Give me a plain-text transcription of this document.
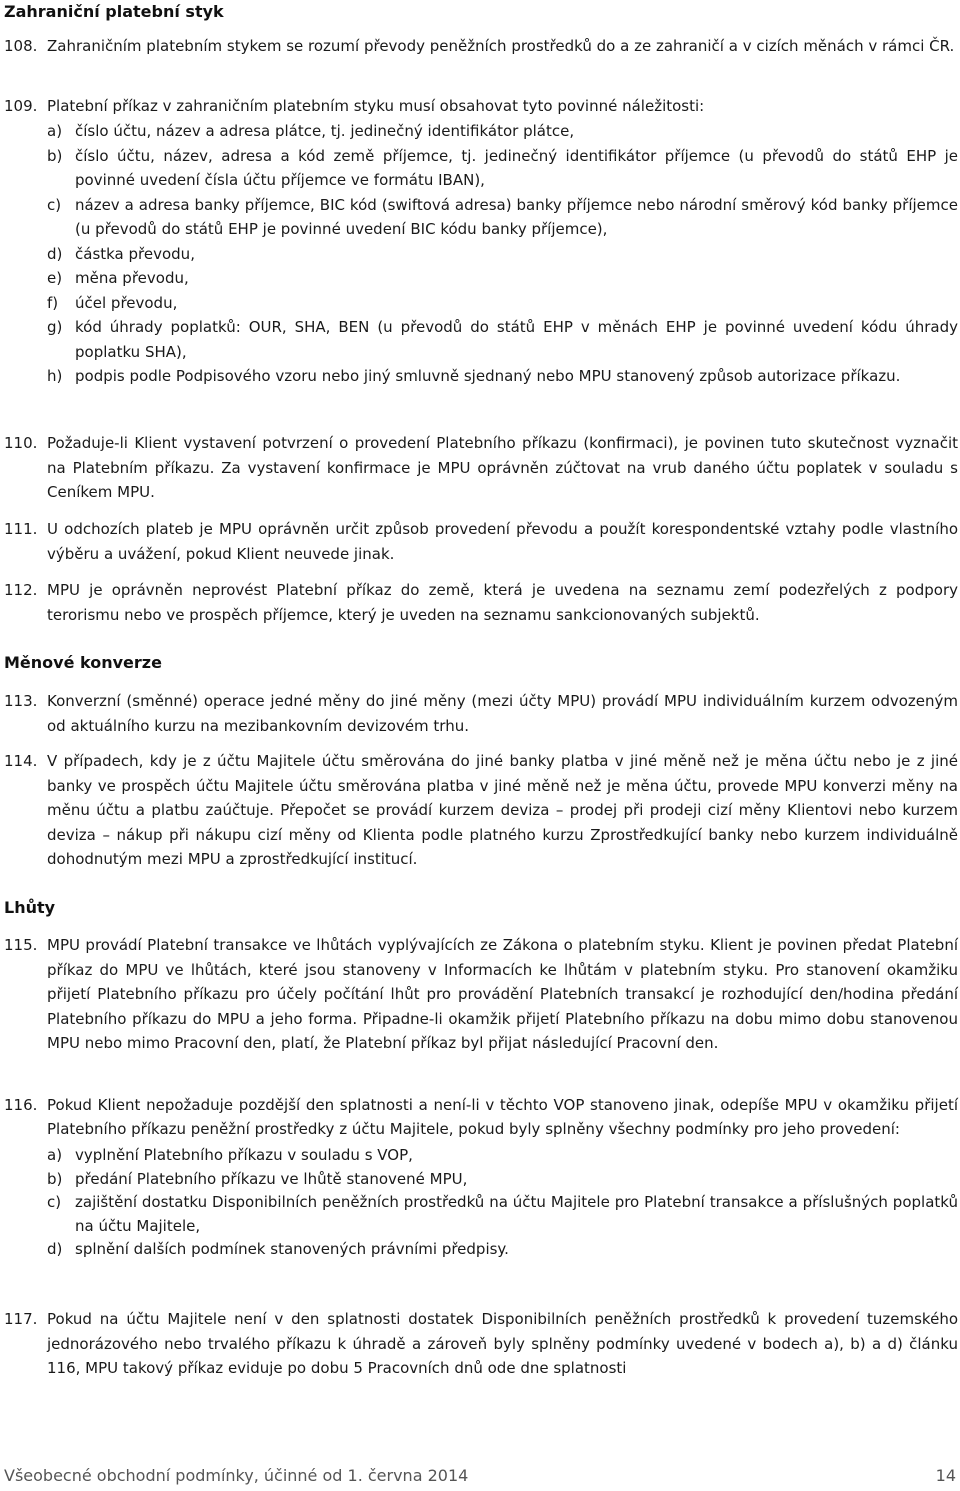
Zahraniční platební styk
108. Zahraničním platebním stykem se rozumí převody peněžních prostředků do a ze zahraničí a v cizích měnách v rámci ČR.

109. Platební příkaz v zahraničním platebním styku musí obsahovat tyto povinné náležitosti:

a) číslo účtu, název a adresa plátce, tj. jedinečný identifikátor plátce,

b) číslo účtu, název, adresa a kód země příjemce, tj. jedinečný identifikátor příjemce (u převodů do států EHP je povinné uvedení čísla účtu příjemce ve formátu IBAN),

c) název a adresa banky příjemce, BIC kód (swiftová adresa) banky příjemce nebo národní směrový kód banky příjemce (u převodů do států EHP je povinné uvedení BIC kódu banky příjemce),

d) částka převodu,

e) měna převodu,

f) účel převodu,

g) kód úhrady poplatků: OUR, SHA, BEN (u převodů do států EHP v měnách EHP je povinné uvedení kódu úhrady poplatku SHA),

h) podpis podle Podpisového vzoru nebo jiný smluvně sjednaný nebo MPU stanovený způsob autorizace příkazu.

110. Požaduje-li Klient vystavení potvrzení o provedení Platebního příkazu (konfirmaci), je povinen tuto skutečnost vyznačit na Platebním příkazu. Za vystavení konfirmace je MPU oprávněn zúčtovat na vrub daného účtu poplatek v souladu s Ceníkem MPU.

111. U odchozích plateb je MPU oprávněn určit způsob provedení převodu a použít korespondentské vztahy podle vlastního výběru a uvážení, pokud Klient neuvede jinak.

112. MPU je oprávněn neprovést Platební příkaz do země, která je uvedena na seznamu zemí podezřelých z podpory terorismu nebo ve prospěch příjemce, který je uveden na seznamu sankcionovaných subjektů.

Měnové konverze
113. Konverzní (směnné) operace jedné měny do jiné měny (mezi účty MPU) provádí MPU individuálním kurzem odvozeným od aktuálního kurzu na mezibankovním devizovém trhu.

114. V případech, kdy je z účtu Majitele účtu směrována do jiné banky platba v jiné měně než je měna účtu nebo je z jiné banky ve prospěch účtu Majitele účtu směrována platba v jiné měně než je měna účtu, provede MPU konverzi měny na měnu účtu a platbu zaúčtuje. Přepočet se provádí kurzem deviza – prodej při prodeji cizí měny Klientovi nebo kurzem deviza – nákup při nákupu cizí měny od Klienta podle platného kurzu Zprostředkující banky nebo kurzem individuálně dohodnutým mezi MPU a zprostředkující institucí.

Lhůty
115. MPU provádí Platební transakce ve lhůtách vyplývajících ze Zákona o platebním styku. Klient je povinen předat Platební příkaz do MPU ve lhůtách, které jsou stanoveny v Informacích ke lhůtám v platebním styku. Pro stanovení okamžiku přijetí Platebního příkazu pro účely počítání lhůt pro provádění Platebních transakcí je rozhodující den/hodina předání Platebního příkazu do MPU a jeho forma. Připadne-li okamžik přijetí Platebního příkazu na dobu mimo dobu stanovenou MPU nebo mimo Pracovní den, platí, že Platební příkaz byl přijat následující Pracovní den.

116. Pokud Klient nepožaduje pozdější den splatnosti a není-li v těchto VOP stanoveno jinak, odepíše MPU v okamžiku přijetí Platebního příkazu peněžní prostředky z účtu Majitele, pokud byly splněny všechny podmínky pro jeho provedení:

a) vyplnění Platebního příkazu v souladu s VOP,

b) předání Platebního příkazu ve lhůtě stanovené MPU,

c) zajištění dostatku Disponibilních peněžních prostředků na účtu Majitele pro Platební transakce a příslušných poplatků na účtu Majitele,

d) splnění dalších podmínek stanovených právními předpisy.

117. Pokud na účtu Majitele není v den splatnosti dostatek Disponibilních peněžních prostředků k provedení tuzemského jednorázového nebo trvalého příkazu k úhradě a zároveň byly splněny podmínky uvedené v bodech a), b) a d) článku 116, MPU takový příkaz eviduje po dobu 5 Pracovních dnů ode dne splatnosti

Všeobecné obchodní podmínky, účinné od 1. června 2014	14
